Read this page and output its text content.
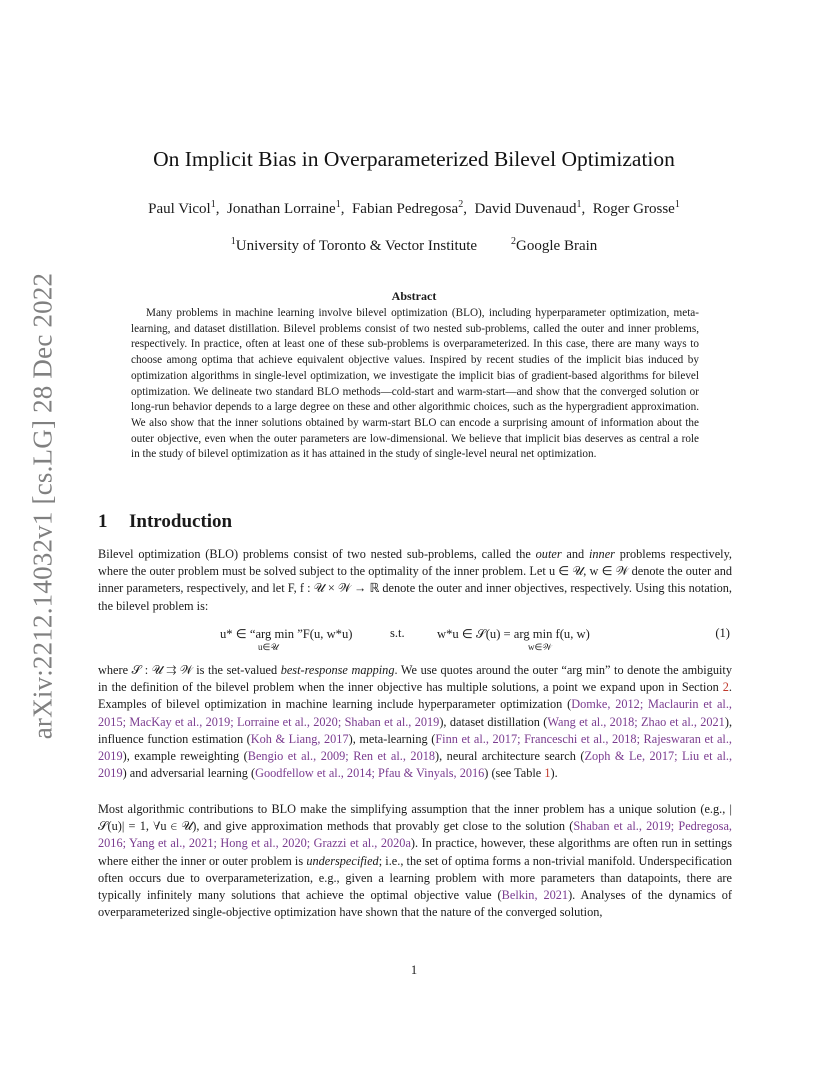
arXiv:2212.14032v1 [cs.LG] 28 Dec 2022
On Implicit Bias in Overparameterized Bilevel Optimization
Paul Vicol$^1$,  Jonathan Lorraine$^1$,  Fabian Pedregosa$^2$,  David Duvenaud$^1$,  Roger Grosse$^1$
$^1$University of Toronto & Vector Institute	$^2$Google Brain
Abstract

Many problems in machine learning involve bilevel optimization (BLO), including hyperparameter optimization, meta-learning, and dataset distillation. Bilevel problems consist of two nested sub-problems, called the outer and inner problems, respectively. In practice, often at least one of these sub-problems is overparameterized. In this case, there are many ways to choose among optima that achieve equivalent objective values. Inspired by recent studies of the implicit bias induced by optimization algorithms in single-level optimization, we investigate the implicit bias of gradient-based algorithms for bilevel optimization. We delineate two standard BLO methods—cold-start and warm-start—and show that the converged solution or long-run behavior depends to a large degree on these and other algorithmic choices, such as the hypergradient approximation. We also show that the inner solutions obtained by warm-start BLO can encode a surprising amount of information about the outer objective, even when the outer parameters are low-dimensional. We believe that implicit bias deserves as central a role in the study of bilevel optimization as it has attained in the study of single-level neural net optimization.

1 Introduction

Bilevel optimization (BLO) problems consist of two nested sub-problems, called the outer and inner problems respectively, where the outer problem must be solved subject to the optimality of the inner problem. Let u ∈ 𝒰, w ∈ 𝒲 denote the outer and inner parameters, respectively, and let F, f : 𝒰 × 𝒲 → ℝ denote the outer and inner objectives, respectively. Using this notation, the bilevel problem is:

u* ∈ “arg min ”F(u, w*u)
u∈𝒰
s.t.	w*u ∈ 𝒮(u) = arg min f(u, w)
w∈𝒲
(1)

where 𝒮 : 𝒰 ⇉ 𝒲 is the set-valued best-response mapping. We use quotes around the outer “arg min” to denote the ambiguity in the definition of the bilevel problem when the inner objective has multiple solutions, a point we expand upon in Section 2. Examples of bilevel optimization in machine learning include hyperparameter optimization (Domke, 2012; Maclaurin et al., 2015; MacKay et al., 2019; Lorraine et al., 2020; Shaban et al., 2019), dataset distillation (Wang et al., 2018; Zhao et al., 2021), influence function estimation (Koh & Liang, 2017), meta-learning (Finn et al., 2017; Franceschi et al., 2018; Rajeswaran et al., 2019), example reweighting (Bengio et al., 2009; Ren et al., 2018), neural architecture search (Zoph & Le, 2017; Liu et al., 2019) and adversarial learning (Goodfellow et al., 2014; Pfau & Vinyals, 2016) (see Table 1).

Most algorithmic contributions to BLO make the simplifying assumption that the inner problem has a unique solution (e.g., |𝒮(u)| = 1, ∀u ∈ 𝒰), and give approximation methods that provably get close to the solution (Shaban et al., 2019; Pedregosa, 2016; Yang et al., 2021; Hong et al., 2020; Grazzi et al., 2020a). In practice, however, these algorithms are often run in settings where either the inner or outer problem is underspecified; i.e., the set of optima forms a non-trivial manifold. Underspecification often occurs due to overparameterization, e.g., given a learning problem with more parameters than datapoints, there are typically infinitely many solutions that achieve the optimal objective value (Belkin, 2021). Analyses of the dynamics of overparameterized single-objective optimization have shown that the nature of the converged solution,

1
